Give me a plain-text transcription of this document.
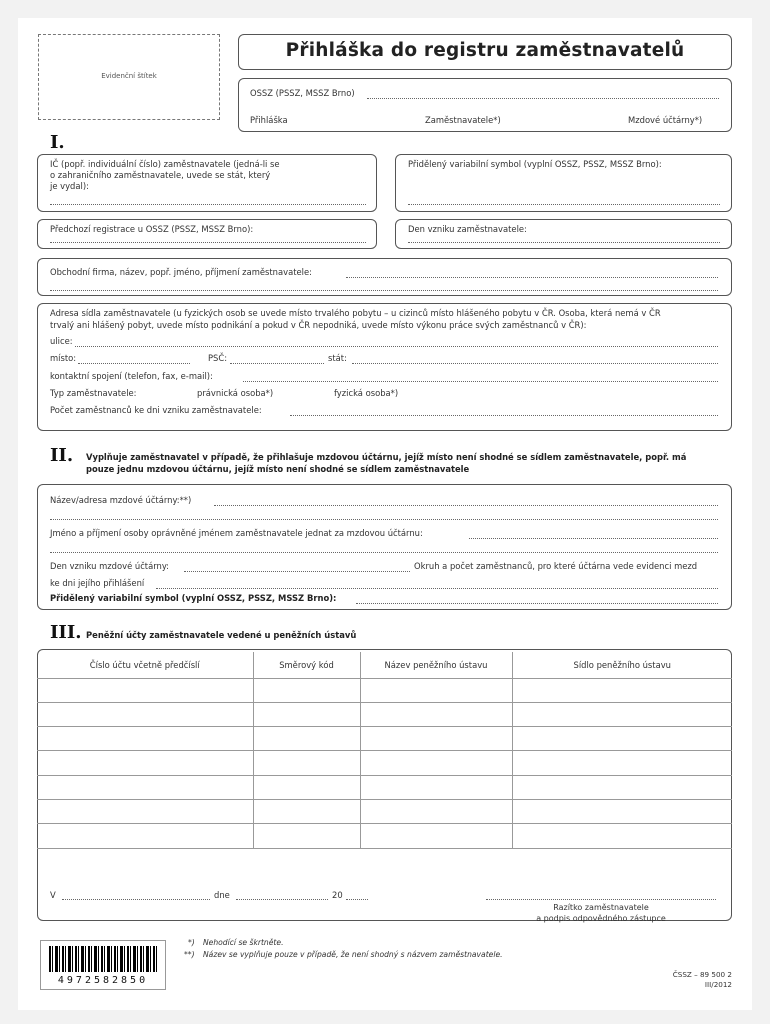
Evidenční štítek
Přihláška do registru zaměstnavatelů
OSSZ (PSSZ, MSSZ Brno)
Přihláška	Zaměstnavatele*)	Mzdové účtárny*)
I.
IČ (popř. individuální číslo) zaměstnavatele (jedná-li se
o zahraničního zaměstnavatele, uvede se stát, který
je vydal):
Přidělený variabilní symbol (vyplní OSSZ, PSSZ, MSSZ Brno):
Předchozí registrace u OSSZ (PSSZ, MSSZ Brno):	Den vzniku zaměstnavatele:
Obchodní firma, název, popř. jméno, příjmení zaměstnavatele:
Adresa sídla zaměstnavatele (u fyzických osob se uvede místo trvalého pobytu – u cizinců místo hlášeného pobytu v ČR. Osoba, která nemá v ČR
trvalý ani hlášený pobyt, uvede místo podnikání a pokud v ČR nepodniká, uvede místo výkonu práce svých zaměstnanců v ČR):
ulice:
místo:	PSČ:	stát:
kontaktní spojení (telefon, fax, e-mail):
Typ zaměstnavatele:	právnická osoba*)	fyzická osoba*)
Počet zaměstnanců ke dni vzniku zaměstnavatele:
II. Vyplňuje zaměstnavatel v případě, že přihlašuje mzdovou účtárnu, jejíž místo není shodné se sídlem zaměstnavatele, popř. má
pouze jednu mzdovou účtárnu, jejíž místo není shodné se sídlem zaměstnavatele
Název/adresa mzdové účtárny:**)
Jméno a příjmení osoby oprávněné jménem zaměstnavatele jednat za mzdovou účtárnu:
Den vzniku mzdové účtárny:	Okruh a počet zaměstnanců, pro které účtárna vede evidenci mezd
ke dni jejího přihlášení
Přidělený variabilní symbol (vyplní OSSZ, PSSZ, MSSZ Brno):
III. Peněžní účty zaměstnavatele vedené u peněžních ústavů
Číslo účtu včetně předčíslí	Směrový kód	Název peněžního ústavu	Sídlo peněžního ústavu

V	dne	20
Razítko zaměstnavatele
a podpis odpovědného zástupce
*) Nehodící se škrtněte.
**) Název se vyplňuje pouze v případě, že není shodný s názvem zaměstnavatele.
4972582850
ČSSZ – 89 500 2
III/2012
